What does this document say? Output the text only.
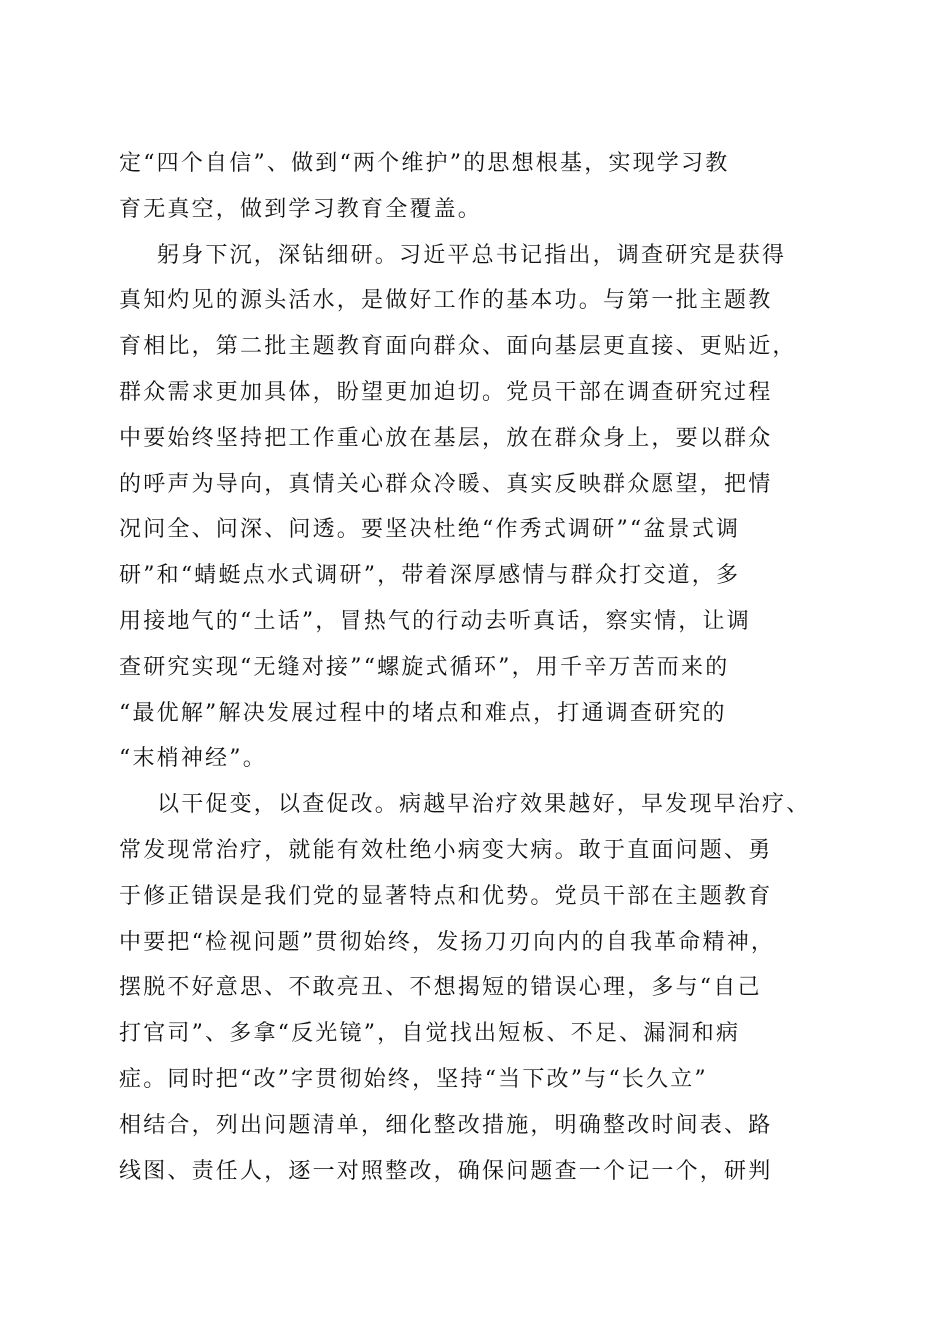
定“四个自信”、做到“两个维护”的思想根基，实现学习教
育无真空，做到学习教育全覆盖。
躬身下沉，深钻细研。习近平总书记指出，调查研究是获得
真知灼见的源头活水，是做好工作的基本功。与第一批主题教
育相比，第二批主题教育面向群众、面向基层更直接、更贴近，
群众需求更加具体，盼望更加迫切。党员干部在调查研究过程
中要始终坚持把工作重心放在基层，放在群众身上，要以群众
的呼声为导向，真情关心群众冷暖、真实反映群众愿望，把情
况问全、问深、问透。要坚决杜绝“作秀式调研”“盆景式调
研”和“蜻蜓点水式调研”，带着深厚感情与群众打交道，多
用接地气的“土话”，冒热气的行动去听真话，察实情，让调
查研究实现“无缝对接”“螺旋式循环”，用千辛万苦而来的
“最优解”解决发展过程中的堵点和难点，打通调查研究的
“末梢神经”。
以干促变，以查促改。病越早治疗效果越好，早发现早治疗、
常发现常治疗，就能有效杜绝小病变大病。敢于直面问题、勇
于修正错误是我们党的显著特点和优势。党员干部在主题教育
中要把“检视问题”贯彻始终，发扬刀刃向内的自我革命精神，
摆脱不好意思、不敢亮丑、不想揭短的错误心理，多与“自己
打官司”、多拿“反光镜”，自觉找出短板、不足、漏洞和病
症。同时把“改”字贯彻始终，坚持“当下改”与“长久立”
相结合，列出问题清单，细化整改措施，明确整改时间表、路
线图、责任人，逐一对照整改，确保问题查一个记一个，研判
